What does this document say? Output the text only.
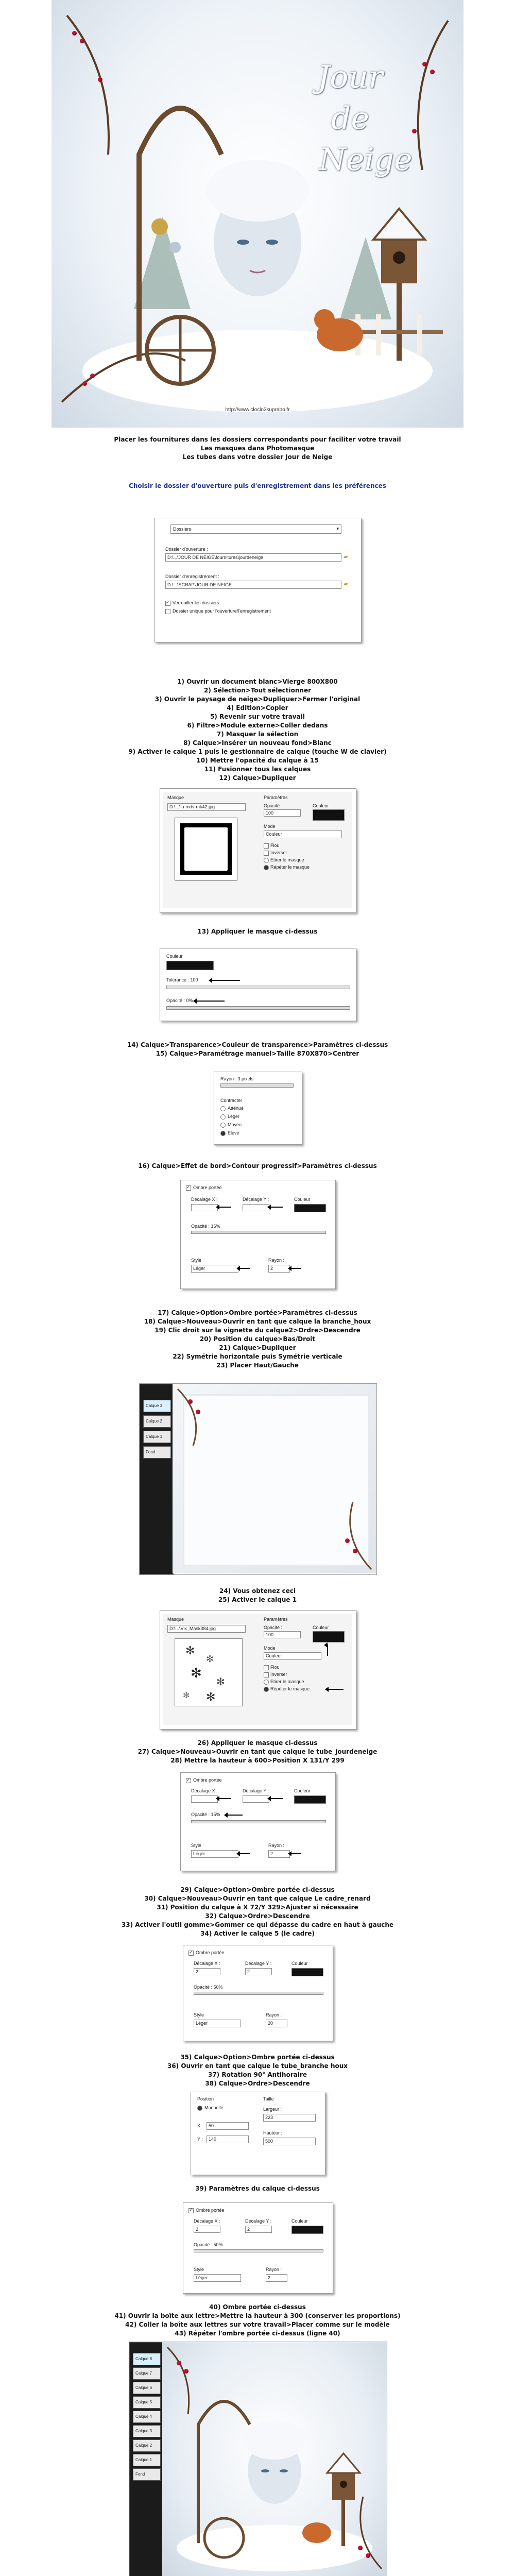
Jour
de
Neige
http://www.cloclo3suprabo.fr
Placer les fournitures dans les dossiers correspondants pour faciliter votre travail
Les masques dans Photomasque
Les tubes dans votre dossier Jour de Neige
Choisir le dossier d'ouverture puis d'enregistrement dans les préférences
Dossiers	▾
Dossier d'ouverture :
D:\...\JOUR DE NEIGE\fournitures\jourdeneige	▰
Dossier d'enregistrement :
D:\...\SCRAP\JOUR DE NEIGE	▰
✓ Verrouiller les dossiers
Dossier unique pour l'ouverture/l'enregistrement
1) Ouvrir un document blanc>Vierge 800X800
2) Sélection>Tout sélectionner
3) Ouvrir le paysage de neige>Dupliquer>Fermer l'original
4) Edition>Copier
5) Revenir sur votre travail
6) Filtre>Module externe>Coller dedans
7) Masquer la sélection
8) Calque>Insérer un nouveau fond>Blanc
9) Activer le calque 1 puis le gestionnaire de calque (touche W de clavier)
10) Mettre l'opacité du calque à 15
11) Fusionner tous les calques
12) Calque>Dupliquer
Masque
D:\...\la-mdv-mk42.jpg
Paramètres
Opacité :
100
Couleur
Mode
Couleur
Flou
Inverser
Etirer le masque
Répéter le masque
13) Appliquer le masque ci-dessus
Couleur
Tolérance : 100
Opacité : 0%
14) Calque>Transparence>Couleur de transparence>Paramètres ci-dessus
15) Calque>Paramétrage manuel>Taille 870X870>Centrer
Rayon : 3 pixels
Contracter
Atténué
Léger
Moyen
Elevé
16) Calque>Effet de bord>Contour progressif>Paramètres ci-dessus
✓ Ombre portée
Décalage X :	Décalage Y :	Couleur
Opacité : 16%
Style
Léger
Rayon :
2
17) Calque>Option>Ombre portée>Paramètres ci-dessus
18) Calque>Nouveau>Ouvrir en tant que calque la branche_houx
19) Clic droit sur la vignette du calque2>Ordre>Descendre
20) Position du calque>Bas/Droit
21) Calque>Dupliquer
22) Symétrie horizontale puis Symétrie verticale
23) Placer Haut/Gauche
Calque 3
Calque 2
Calque 1
Fond
24) Vous obtenez ceci
25) Activer le calque 1
Masque
D:\...\Vix_Mask384.jpg
✻
✻
✻
✻
✻ ✻
Paramètres
Opacité :
100
Couleur
Mode
Couleur
Flou
Inverser
Etirer le masque
Répéter le masque
26) Appliquer le masque ci-dessus
27) Calque>Nouveau>Ouvrir en tant que calque le tube_jourdeneige
28) Mettre la hauteur à 600>Position X 131/Y 299
✓ Ombre portée
Décalage X :	Décalage Y :	Couleur
Opacité : 15%
Style
Léger
Rayon :
2
29) Calque>Option>Ombre portée ci-dessus
30) Calque>Nouveau>Ouvrir en tant que calque Le cadre_renard
31) Position du calque à X 72/Y 329>Ajuster si nécessaire
32) Calque>Ordre>Descendre
33) Activer l'outil gomme>Gommer ce qui dépasse du cadre en haut à gauche
34) Activer le calque 5 (le cadre)
✓ Ombre portée
Décalage X :
2
Décalage Y :
2
Couleur
Opacité : 50%
Style
Léger
Rayon :
20
35) Calque>Option>Ombre portée ci-dessus
36) Ouvrir en tant que calque le tube_branche houx
37) Rotation 90° Antihoraire
38) Calque>Ordre>Descendre
Position
Manuelle
X : 50
Y : 140
Taille
Largeur :
223
Hauteur :
500
39) Paramètres du calque ci-dessus
✓ Ombre portée
Décalage X :
2
Décalage Y :
2
Couleur
Opacité : 50%
Style
Léger
Rayon :
2
40) Ombre portée ci-dessus
41) Ouvrir la boîte aux lettre>Mettre la hauteur à 300 (conserver les proportions)
42) Coller la boîte aux lettres sur votre travail>Placer comme sur le modèle
43) Répéter l'ombre portée ci-dessus (ligne 40)
Calque 8
Calque 7
Calque 6
Calque 5
Calque 4
Calque 3
Calque 2
Calque 1
Fond
